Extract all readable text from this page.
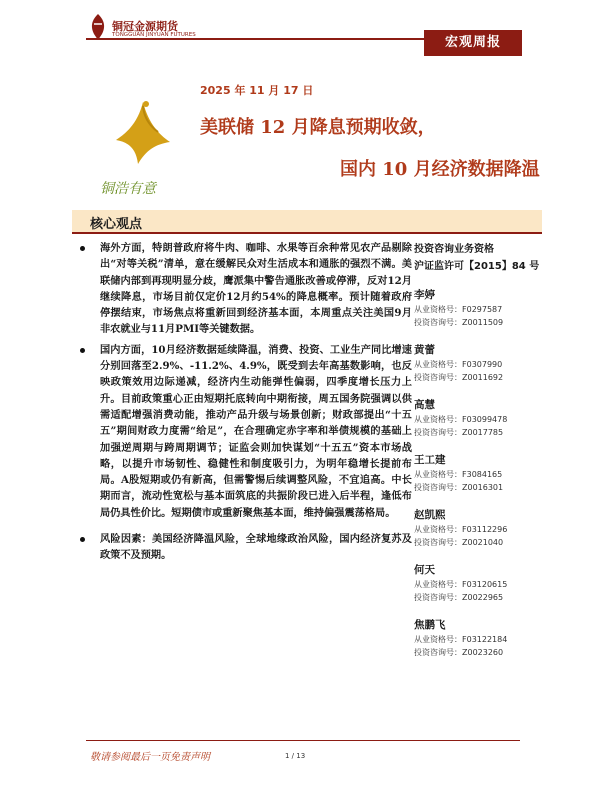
铜冠金源期货
TONGGUAN JINYUAN FUTURES	宏观周报
铜浩有意
2025 年 11 月 17 日
美联储 12 月降息预期收敛，
国内 10 月经济数据降温
核心观点
海外方面，特朗普政府将牛肉、咖啡、水果等百余种常见农产品剔除出“对等关税”清单，意在缓解民众对生活成本和通胀的强烈不满。美联储内部到再现明显分歧，鹰派集中警告通胀改善或停滞，反对12月继续降息，市场目前仅定价12月约54%的降息概率。预计随着政府停摆结束，市场焦点将重新回到经济基本面，本周重点关注美国9月非农就业与11月PMI等关键数据。
国内方面，10月经济数据延续降温，消费、投资、工业生产同比增速分别回落至2.9%、-11.2%、4.9%，既受到去年高基数影响，也反映政策效用边际递减，经济内生动能弹性偏弱，四季度增长压力上升。目前政策重心正由短期托底转向中期衔接，周五国务院强调以供需适配增强消费动能，推动产品升级与场景创新；财政部提出“十五五”期间财政力度需“给足”，在合理确定赤字率和举债规模的基础上加强逆周期与跨周期调节；证监会则加快谋划“十五五”资本市场战略，以提升市场韧性、稳健性和制度吸引力，为明年稳增长提前布局。A股短期或仍有新高，但需警惕后续调整风险，不宜追高。中长期而言，流动性宽松与基本面筑底的共振阶段已进入后半程，逢低布局仍具性价比。短期债市或重新聚焦基本面，维持偏强震荡格局。
风险因素：美国经济降温风险，全球地缘政治风险，国内经济复苏及政策不及预期。
投资咨询业务资格
沪证监许可【2015】84 号
李婷
从业资格号：F0297587
投资咨询号：Z0011509
黄蕾
从业资格号：F0307990
投资咨询号：Z0011692
高慧
从业资格号：F03099478
投资咨询号：Z0017785
王工建
从业资格号：F3084165
投资咨询号：Z0016301
赵凯熙
从业资格号：F03112296
投资咨询号：Z0021040
何天
从业资格号：F03120615
投资咨询号：Z0022965
焦鹏飞
从业资格号：F03122184
投资咨询号：Z0023260
敬请参阅最后一页免责声明	1 / 13
